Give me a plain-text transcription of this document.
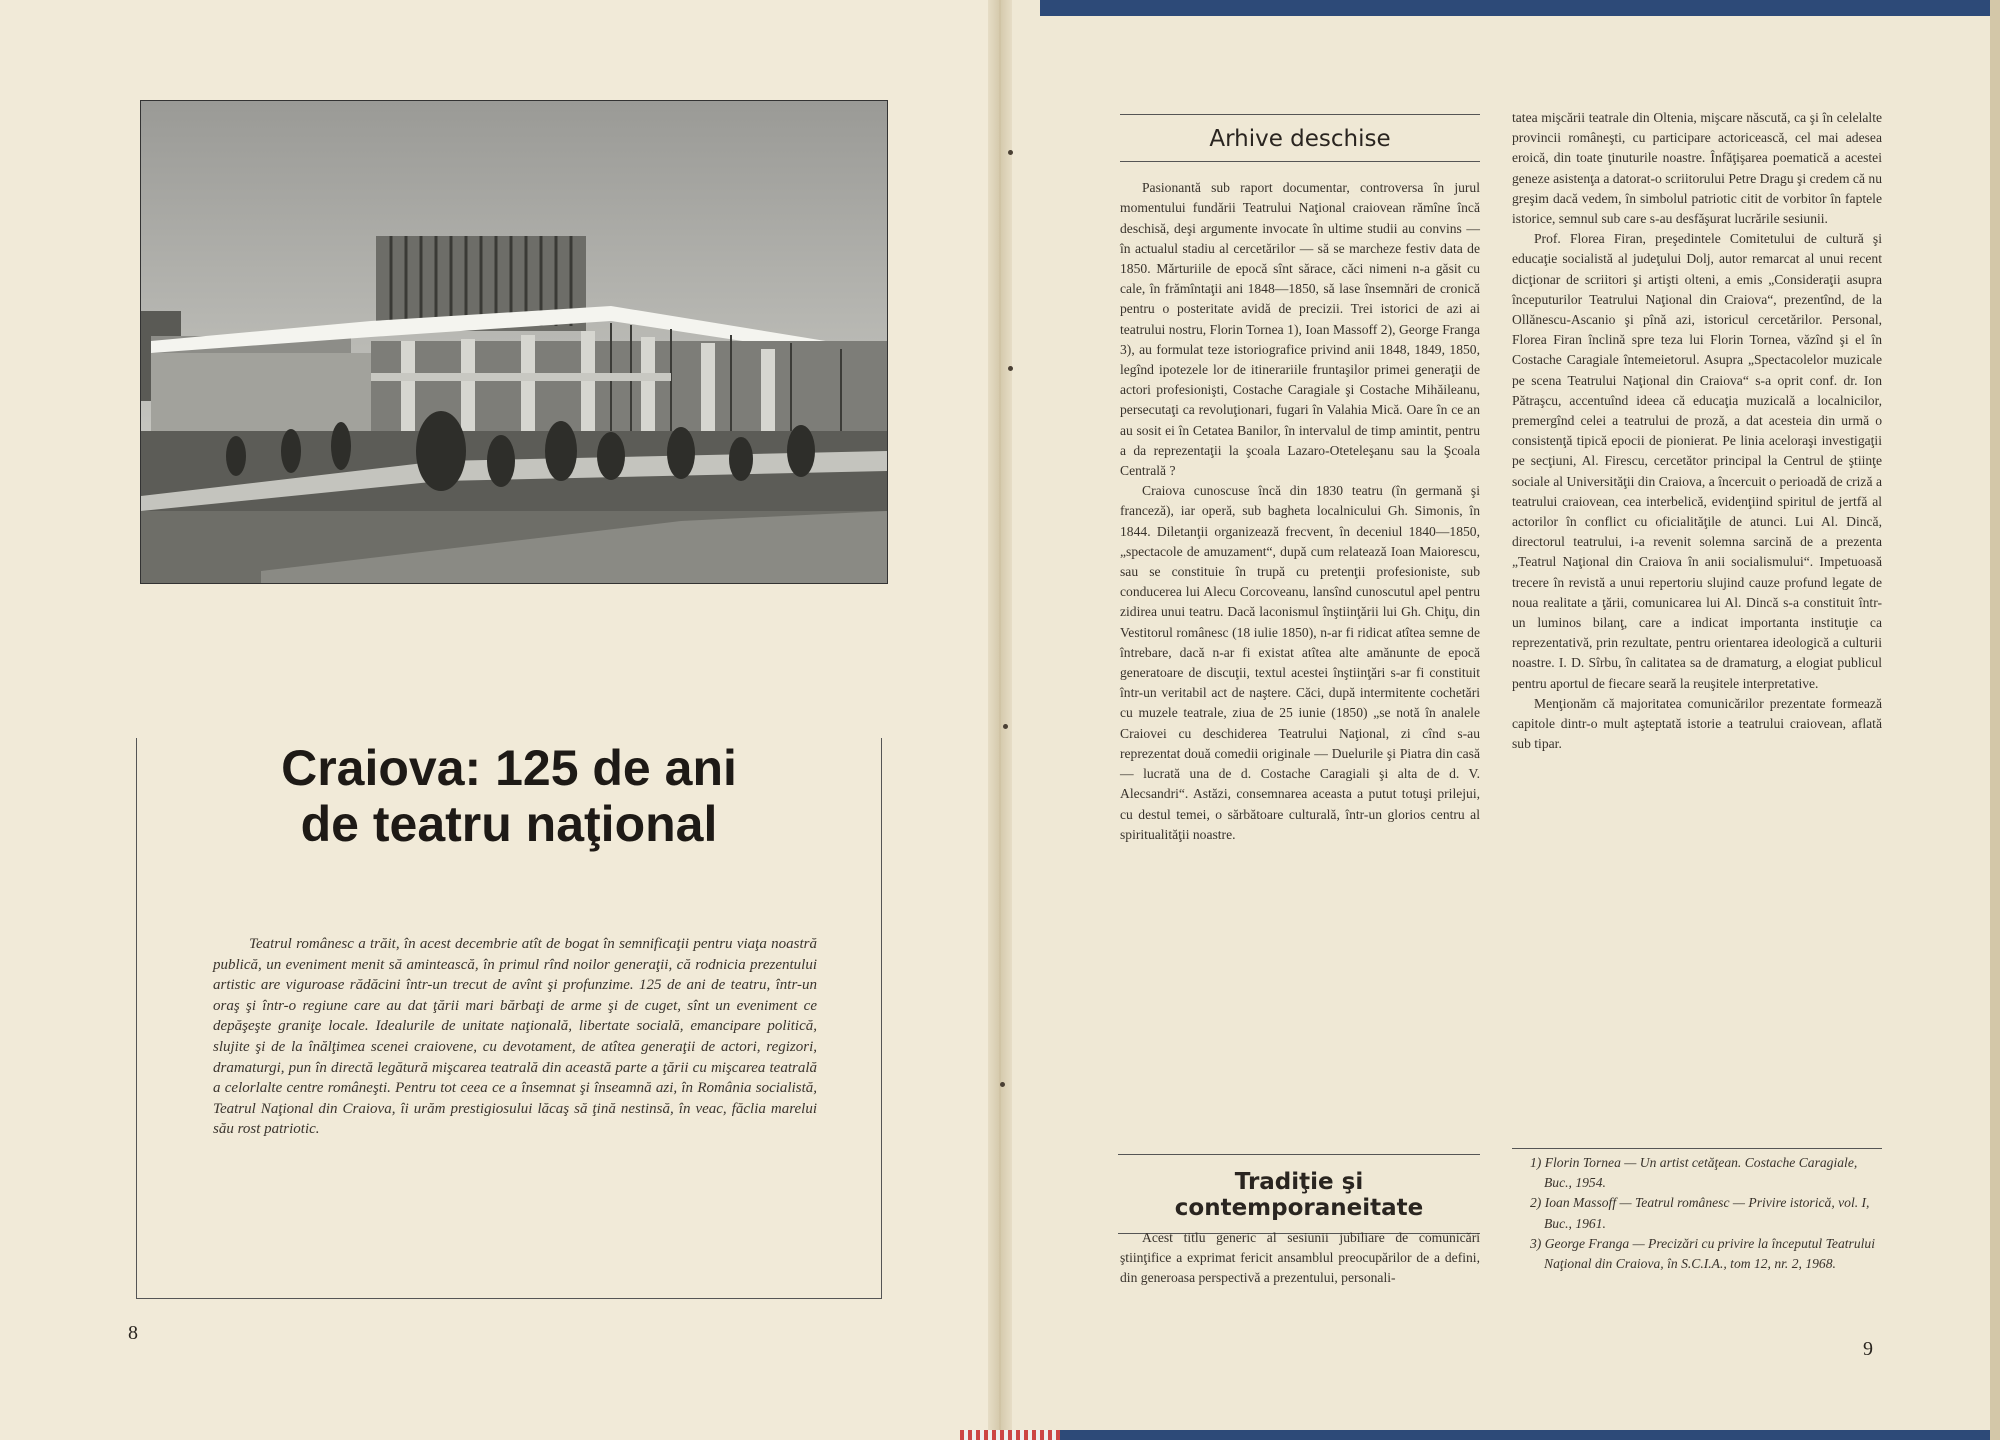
Craiova: 125 de ani
de teatru naţional
Teatrul românesc a trăit, în acest decembrie atît de bogat în semnificaţii pentru viaţa noastră publică, un eveniment menit să amintească, în primul rînd noilor generaţii, că rodnicia prezentului artistic are viguroase rădăcini într-un trecut de avînt şi profunzime. 125 de ani de teatru, într-un oraş şi într-o regiune care au dat ţării mari bărbaţi de arme şi de cuget, sînt un eveniment ce depăşeşte graniţe locale. Idealurile de unitate naţională, libertate socială, emancipare politică, slujite şi de la înălţimea scenei craiovene, cu devotament, de atîtea generaţii de actori, regizori, dramaturgi, pun în directă legătură mişcarea teatrală din această parte a ţării cu mişcarea teatrală a celorlalte centre româneşti. Pentru tot ceea ce a însemnat şi înseamnă azi, în România socialistă, Teatrul Naţional din Craiova, îi urăm prestigiosului lăcaş să ţină nestinsă, în veac, făclia marelui său rost patriotic.
8
Arhive deschise

Pasionantă sub raport documentar, controversa în jurul momentului fundării Teatrului Naţional craiovean rămîne încă deschisă, deşi argumente invocate în ultime studii au convins — în actualul stadiu al cercetărilor — să se marcheze festiv data de 1850. Mărturiile de epocă sînt sărace, căci nimeni n-a găsit cu cale, în frămîntaţii ani 1848—1850, să lase însemnări de cronică pentru o posteritate avidă de precizii. Trei istorici de azi ai teatrului nostru, Florin Tornea 1), Ioan Massoff 2), George Franga 3), au formulat teze istoriografice privind anii 1848, 1849, 1850, legînd ipotezele lor de itinerariile fruntaşilor primei generaţii de actori profesionişti, Costache Caragiale şi Costache Mihăileanu, persecutaţi ca revoluţionari, fugari în Valahia Mică. Oare în ce an au sosit ei în Cetatea Banilor, în intervalul de timp amintit, pentru a da reprezentaţii la şcoala Lazaro-Oteteleşanu sau la Şcoala Centrală ?

Craiova cunoscuse încă din 1830 teatru (în germană şi franceză), iar operă, sub bagheta localnicului Gh. Simonis, în 1844. Diletanţii organizează frecvent, în deceniul 1840—1850, „spectacole de amuzament“, după cum relatează Ioan Maiorescu, sau se constituie în trupă cu pretenţii profesioniste, sub conducerea lui Alecu Corcoveanu, lansînd cunoscutul apel pentru zidirea unui teatru. Dacă laconismul înştiinţării lui Gh. Chiţu, din Vestitorul românesc (18 iulie 1850), n-ar fi ridicat atîtea semne de întrebare, dacă n-ar fi existat atîtea alte amănunte de epocă generatoare de discuţii, textul acestei înştiinţări s-ar fi constituit într-un veritabil act de naştere. Căci, după intermitente cochetări cu muzele teatrale, ziua de 25 iunie (1850) „se notă în analele Craiovei cu deschiderea Teatrului Naţional, zi cînd s-au reprezentat două comedii originale — Duelurile şi Piatra din casă — lucrată una de d. Costache Caragiali şi alta de d. V. Alecsandri“. Astăzi, consemnarea aceasta a putut totuşi prilejui, cu destul temei, o sărbătoare culturală, într-un glorios centru al spiritualităţii noastre.

Tradiţie şi contemporaneitate

Acest titlu generic al sesiunii jubiliare de comunicări ştiinţifice a exprimat fericit ansamblul preocupărilor de a defini, din generoasa perspectivă a prezentului, personali-

tatea mişcării teatrale din Oltenia, mişcare născută, ca şi în celelalte provincii româneşti, cu participare actoricească, cel mai adesea eroică, din toate ţinuturile noastre. Înfăţişarea poematică a acestei geneze asistenţa a datorat-o scriitorului Petre Dragu şi credem că nu greşim dacă vedem, în simbolul patriotic citit de vorbitor în faptele istorice, semnul sub care s-au desfăşurat lucrările sesiunii.

Prof. Florea Firan, preşedintele Comitetului de cultură şi educaţie socialistă al judeţului Dolj, autor remarcat al unui recent dicţionar de scriitori şi artişti olteni, a emis „Consideraţii asupra începuturilor Teatrului Naţional din Craiova“, prezentînd, de la Ollănescu-Ascanio şi pînă azi, istoricul cercetărilor. Personal, Florea Firan înclină spre teza lui Florin Tornea, văzînd şi el în Costache Caragiale întemeietorul. Asupra „Spectacolelor muzicale pe scena Teatrului Naţional din Craiova“ s-a oprit conf. dr. Ion Pătraşcu, accentuînd ideea că educaţia muzicală a localnicilor, premergînd celei a teatrului de proză, a dat acesteia din urmă o consistenţă tipică epocii de pionierat. Pe linia aceloraşi investigaţii pe secţiuni, Al. Firescu, cercetător principal la Centrul de ştiinţe sociale al Universităţii din Craiova, a încercuit o perioadă de criză a teatrului craiovean, cea interbelică, evidenţiind spiritul de jertfă al actorilor în conflict cu oficialităţile de atunci. Lui Al. Dincă, directorul teatrului, i-a revenit solemna sarcină de a prezenta „Teatrul Naţional din Craiova în anii socialismului“. Impetuoasă trecere în revistă a unui repertoriu slujind cauze profund legate de noua realitate a ţării, comunicarea lui Al. Dincă s-a constituit într-un luminos bilanţ, care a indicat importanta instituţie ca reprezentativă, prin rezultate, pentru orientarea ideologică a culturii noastre. I. D. Sîrbu, în calitatea sa de dramaturg, a elogiat publicul pentru aportul de fiecare seară la reuşitele interpretative.

Menţionăm că majoritatea comunicărilor prezentate formează capitole dintr-o mult aşteptată istorie a teatrului craiovean, aflată sub tipar.

1) Florin Tornea — Un artist cetăţean. Costache Caragiale, Buc., 1954.
2) Ioan Massoff — Teatrul românesc — Privire istorică, vol. I, Buc., 1961.
3) George Franga — Precizări cu privire la începutul Teatrului Naţional din Craiova, în S.C.I.A., tom 12, nr. 2, 1968.
9
